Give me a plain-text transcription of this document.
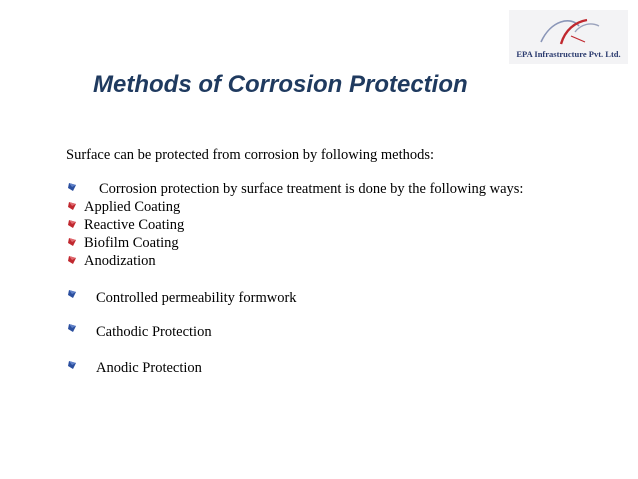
EPA Infrastructure Pvt. Ltd.
Methods of Corrosion Protection
Surface can be protected from corrosion by following methods:
Corrosion protection by surface treatment is done by the following ways:
Applied Coating
Reactive Coating
Biofilm Coating
Anodization
Controlled permeability formwork
Cathodic Protection
Anodic Protection
